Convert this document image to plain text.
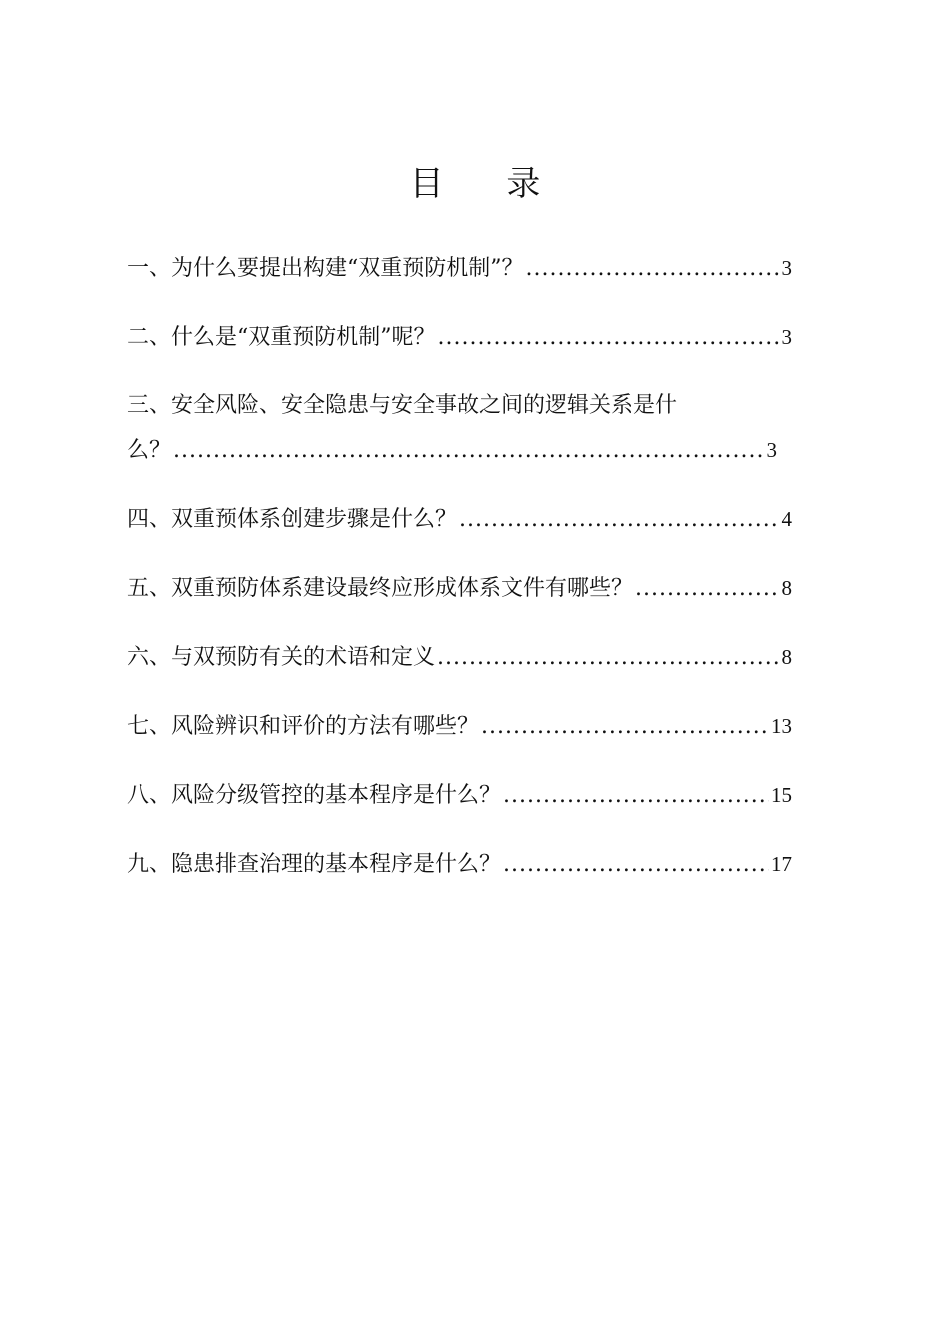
目 录
一、为什么要提出构建“双重预防机制”？ .....	3
二、什么是“双重预防机制”呢？ .....	3
三、安全风险、安全隐患与安全事故之间的逻辑关系是什
么？ .....	3
四、双重预体系创建步骤是什么？ .....	4
五、双重预防体系建设最终应形成体系文件有哪些？ .....	8
六、与双预防有关的术语和定义 .....	8
七、风险辨识和评价的方法有哪些？ .....	13
八、风险分级管控的基本程序是什么？ .....	15
九、隐患排查治理的基本程序是什么？ .....	17
